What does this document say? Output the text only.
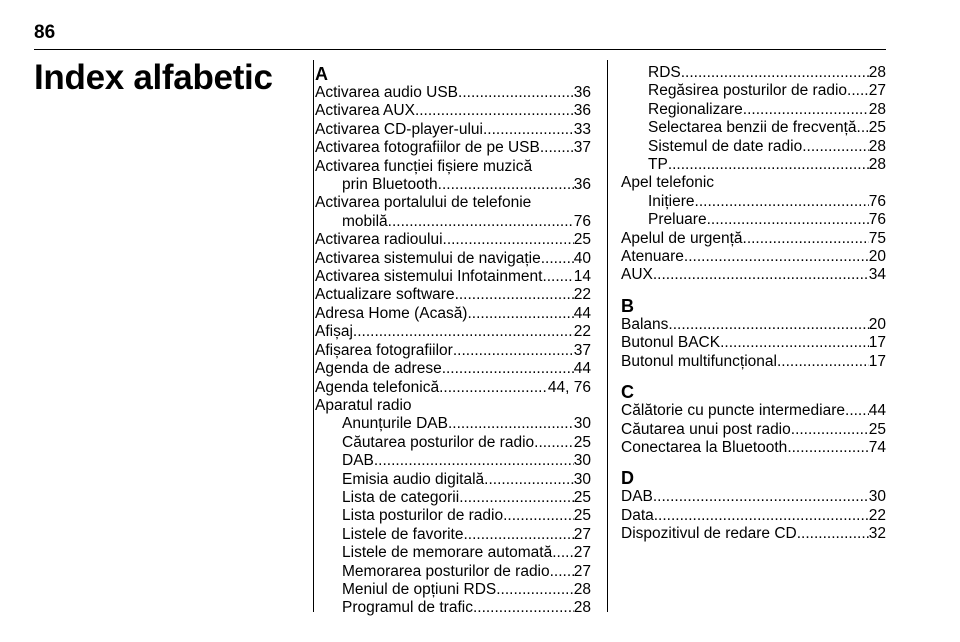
86
Index alfabetic A
Activarea audio USB .....	36
Activarea AUX .....	36
Activarea CD-player-ului .....	33
Activarea fotografiilor de pe USB ..... 37
Activarea funcției fișiere muzică
prin Bluetooth .....	36
Activarea portalului de telefonie
mobilă .....	76
Activarea radioului .....	25
Activarea sistemului de navigație ..... 40
Activarea sistemului Infotainment ..... 14
Actualizare software .....	22
Adresa Home (Acasă) .....	44
Afișaj .....	22
Afișarea fotografiilor .....	37
Agenda de adrese .....	44
Agenda telefonică .....	44, 76
Aparatul radio
Anunțurile DAB .....	30
Căutarea posturilor de radio .....	25
DAB .....	30
Emisia audio digitală .....	30
Lista de categorii .....	25
Lista posturilor de radio .....	25
Listele de favorite .....	27
Listele de memorare automată ..... 27
Memorarea posturilor de radio ..... 27
Meniul de opțiuni RDS .....	28
Programul de trafic .....	28
RDS .....	28
Regăsirea posturilor de radio ..... 27
Regionalizare .....	28
Selectarea benzii de frecvență ..... 25
Sistemul de date radio .....	28
TP .....	28
Apel telefonic
Inițiere .....	76
Preluare .....	76
Apelul de urgență .....	75
Atenuare .....	20
AUX .....	34
B
Balans .....	20
Butonul BACK .....	17
Butonul multifuncțional .....	17
C
Călătorie cu puncte intermediare ..... 44
Căutarea unui post radio .....	25
Conectarea la Bluetooth .....	74
D
DAB .....	30
Data .....	22
Dispozitivul de redare CD .....	32
